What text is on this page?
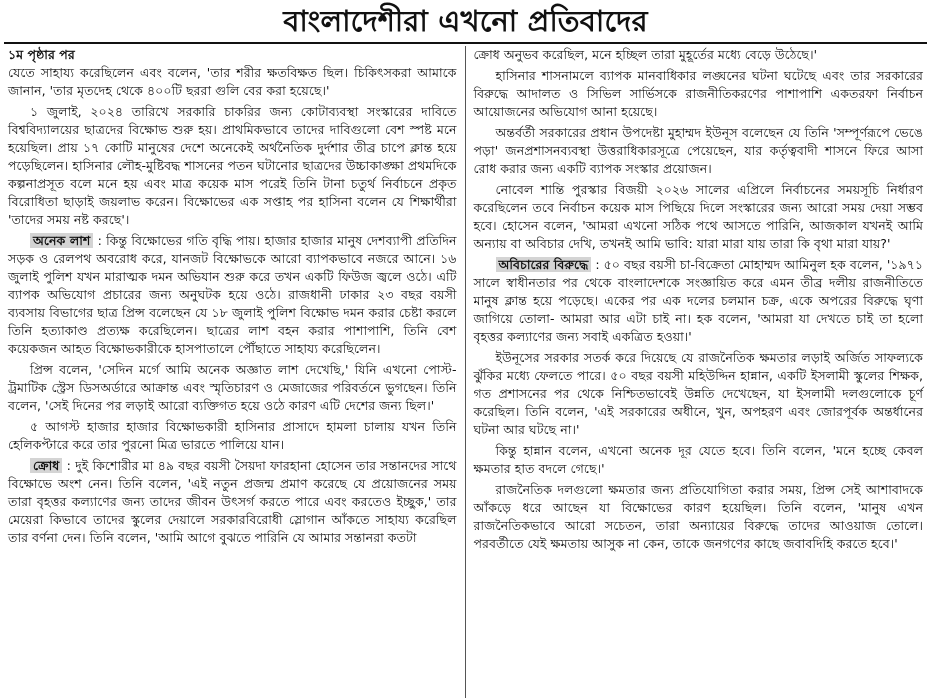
বাংলাদেশীরা এখনো প্রতিবাদের

১ম পৃষ্ঠার পর

যেতে সাহায্য করেছিলেন এবং বলেন, 'তার শরীর ক্ষতবিক্ষত ছিল। চিকিৎসকরা আমাকে জানান, 'তার মৃতদেহ থেকে ৪০০টি ছররা গুলি বের করা হয়েছে।'

১ জুলাই, ২০২৪ তারিখে সরকারি চাকরির জন্য কোটাব্যবস্থা সংস্কারের দাবিতে বিশ্ববিদ্যালয়ের ছাত্রদের বিক্ষোভ শুরু হয়। প্রাথমিকভাবে তাদের দাবিগুলো বেশ স্পষ্ট মনে হয়েছিল। প্রায় ১৭ কোটি মানুষের দেশে অনেকেই অর্থনৈতিক দুর্দশার তীব্র চাপে ক্লান্ত হয়ে পড়েছিলেন। হাসিনার লৌহ-মুষ্টিবদ্ধ শাসনের পতন ঘটানোর ছাত্রদের উচ্চাকাঙ্ক্ষা প্রথমদিকে কল্পনাপ্রসূত বলে মনে হয় এবং মাত্র কয়েক মাস পরেই তিনি টানা চতুর্থ নির্বাচনে প্রকৃত বিরোধিতা ছাড়াই জয়লাভ করেন। বিক্ষোভের এক সপ্তাহ পর হাসিনা বলেন যে শিক্ষার্থীরা 'তাদের সময় নষ্ট করছে'।

অনেক লাশ : কিন্তু বিক্ষোভের গতি বৃদ্ধি পায়। হাজার হাজার মানুষ দেশব্যাপী প্রতিদিন সড়ক ও রেলপথ অবরোধ করে, যানজট বিক্ষোভকে আরো ব্যাপকভাবে নজরে আনে। ১৬ জুলাই পুলিশ যখন মারাত্মক দমন অভিযান শুরু করে তখন একটি ফিউজ জ্বলে ওঠে। এটি ব্যাপক অভিযোগ প্রচারের জন্য অনুঘটক হয়ে ওঠে। রাজধানী ঢাকার ২৩ বছর বয়সী ব্যবসায় বিভাগের ছাত্র প্রিন্স বলেছেন যে ১৮ জুলাই পুলিশ বিক্ষোভ দমন করার চেষ্টা করলে তিনি হত্যাকাণ্ড প্রত্যক্ষ করেছিলেন। ছাত্রের লাশ বহন করার পাশাপাশি, তিনি বেশ কয়েকজন আহত বিক্ষোভকারীকে হাসপাতালে পৌঁছাতে সাহায্য করেছিলেন।

প্রিন্স বলেন, 'সেদিন মর্গে আমি অনেক অজ্ঞাত লাশ দেখেছি,' যিনি এখনো পোস্ট-ট্রমাটিক স্ট্রেস ডিসঅর্ডারে আক্রান্ত এবং স্মৃতিচারণ ও মেজাজের পরিবর্তনে ভুগছেন। তিনি বলেন, 'সেই দিনের পর লড়াই আরো ব্যক্তিগত হয়ে ওঠে কারণ এটি দেশের জন্য ছিল।'

৫ আগস্ট হাজার হাজার বিক্ষোভকারী হাসিনার প্রাসাদে হামলা চালায় যখন তিনি হেলিকপ্টারে করে তার পুরনো মিত্র ভারতে পালিয়ে যান।

ক্রোধ : দুই কিশোরীর মা ৪৯ বছর বয়সী সৈয়দা ফারহানা হোসেন তার সন্তানদের সাথে বিক্ষোভে অংশ নেন। তিনি বলেন, 'এই নতুন প্রজন্ম প্রমাণ করেছে যে প্রয়োজনের সময় তারা বৃহত্তর কল্যাণের জন্য তাদের জীবন উৎসর্গ করতে পারে এবং করতেও ইচ্ছুক,' তার মেয়েরা কিভাবে তাদের স্কুলের দেয়ালে সরকারবিরোধী স্লোগান আঁকতে সাহায্য করেছিল তার বর্ণনা দেন। তিনি বলেন, 'আমি আগে বুঝতে পারিনি যে আমার সন্তানরা কতটা

ক্রোধ অনুভব করেছিল, মনে হচ্ছিল তারা মুহূর্তের মধ্যে বেড়ে উঠেছে।'

হাসিনার শাসনামলে ব্যাপক মানবাধিকার লঙ্ঘনের ঘটনা ঘটেছে এবং তার সরকারের বিরুদ্ধে আদালত ও সিভিল সার্ভিসকে রাজনীতিকরণের পাশাপাশি একতরফা নির্বাচন আয়োজনের অভিযোগ আনা হয়েছে।

অন্তর্বর্তী সরকারের প্রধান উপদেষ্টা মুহাম্মদ ইউনূস বলেছেন যে তিনি 'সম্পূর্ণরূপে ভেঙে পড়া' জনপ্রশাসনব্যবস্থা উত্তরাধিকারসূত্রে পেয়েছেন, যার কর্তৃত্ববাদী শাসনে ফিরে আসা রোধ করার জন্য একটি ব্যাপক সংস্কার প্রয়োজন।

নোবেল শান্তি পুরস্কার বিজয়ী ২০২৬ সালের এপ্রিলে নির্বাচনের সময়সূচি নির্ধারণ করেছিলেন তবে নির্বাচন কয়েক মাস পিছিয়ে দিলে সংস্কারের জন্য আরো সময় দেয়া সম্ভব হবে। হোসেন বলেন, 'আমরা এখনো সঠিক পথে আসতে পারিনি, আজকাল যখনই আমি অন্যায় বা অবিচার দেখি, তখনই আমি ভাবি: যারা মারা যায় তারা কি বৃথা মারা যায়?'

অবিচারের বিরুদ্ধে : ৫০ বছর বয়সী চা-বিক্রেতা মোহাম্মদ আমিনুল হক বলেন, '১৯৭১ সালে স্বাধীনতার পর থেকে বাংলাদেশকে সংজ্ঞায়িত করে এমন তীব্র দলীয় রাজনীতিতে মানুষ ক্লান্ত হয়ে পড়েছে। একের পর এক দলের চলমান চক্র, একে অপরের বিরুদ্ধে ঘৃণা জাগিয়ে তোলা- আমরা আর এটা চাই না। হক বলেন, 'আমরা যা দেখতে চাই তা হলো বৃহত্তর কল্যাণের জন্য সবাই একত্রিত হওয়া।'

ইউনূসের সরকার সতর্ক করে দিয়েছে যে রাজনৈতিক ক্ষমতার লড়াই অর্জিত সাফল্যকে ঝুঁকির মধ্যে ফেলতে পারে। ৫০ বছর বয়সী মহিউদ্দিন হান্নান, একটি ইসলামী স্কুলের শিক্ষক, গত প্রশাসনের পর থেকে নিশ্চিতভাবেই উন্নতি দেখেছেন, যা ইসলামী দলগুলোকে চূর্ণ করেছিল। তিনি বলেন, 'এই সরকারের অধীনে, খুন, অপহরণ এবং জোরপূর্বক অন্তর্ধানের ঘটনা আর ঘটছে না।'

কিন্তু হান্নান বলেন, এখনো অনেক দূর যেতে হবে। তিনি বলেন, 'মনে হচ্ছে কেবল ক্ষমতার হাত বদলে গেছে।'

রাজনৈতিক দলগুলো ক্ষমতার জন্য প্রতিযোগিতা করার সময়, প্রিন্স সেই আশাবাদকে আঁকড়ে ধরে আছেন যা বিক্ষোভের কারণ হয়েছিল। তিনি বলেন, 'মানুষ এখন রাজনৈতিকভাবে আরো সচেতন, তারা অন্যায়ের বিরুদ্ধে তাদের আওয়াজ তোলে। পরবর্তীতে যেই ক্ষমতায় আসুক না কেন, তাকে জনগণের কাছে জবাবদিহি করতে হবে।'
